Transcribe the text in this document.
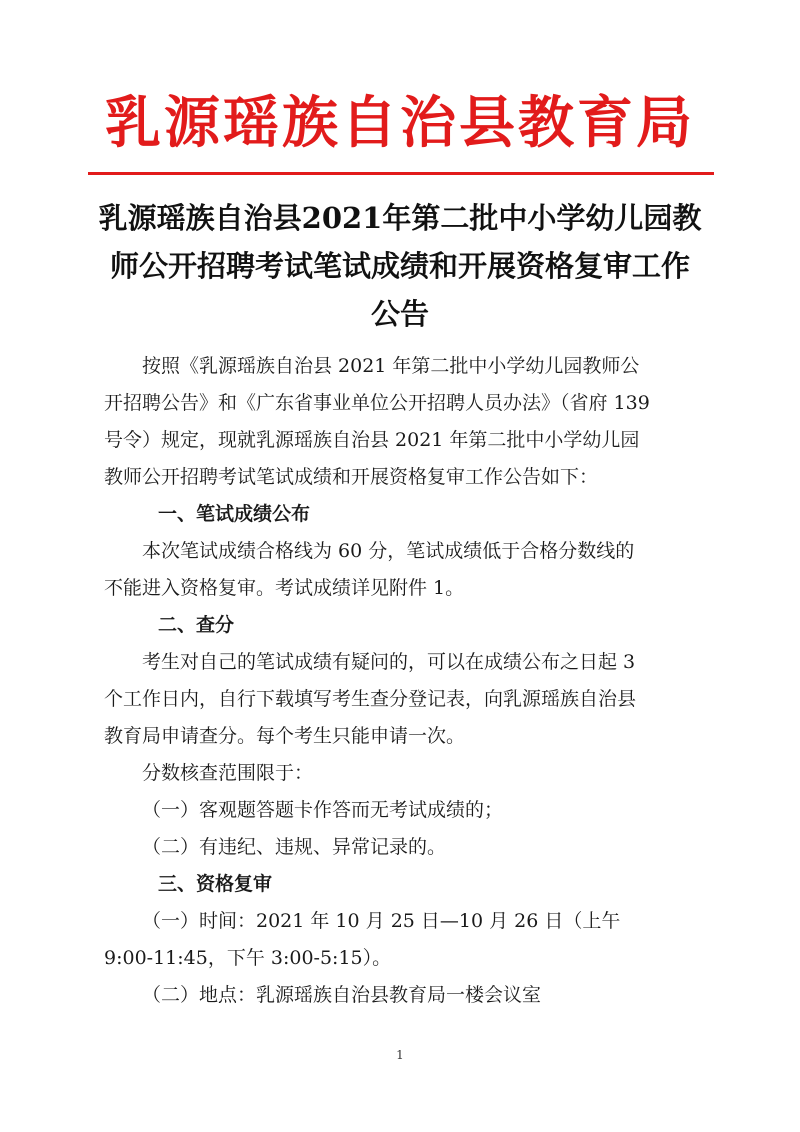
乳源瑶族自治县教育局
乳源瑶族自治县2021年第二批中小学幼儿园教
师公开招聘考试笔试成绩和开展资格复审工作
公告

按照《乳源瑶族自治县 2021 年第二批中小学幼儿园教师公

开招聘公告》和《广东省事业单位公开招聘人员办法》（省府 139

号令）规定，现就乳源瑶族自治县 2021 年第二批中小学幼儿园

教师公开招聘考试笔试成绩和开展资格复审工作公告如下：

一、笔试成绩公布

本次笔试成绩合格线为 60 分，笔试成绩低于合格分数线的

不能进入资格复审。考试成绩详见附件 1。

二、查分

考生对自己的笔试成绩有疑问的，可以在成绩公布之日起 3

个工作日内，自行下载填写考生查分登记表，向乳源瑶族自治县

教育局申请查分。每个考生只能申请一次。

分数核查范围限于：

（一）客观题答题卡作答而无考试成绩的；

（二）有违纪、违规、异常记录的。

三、资格复审

（一）时间：2021 年 10 月 25 日—10 月 26 日（上午

9:00-11:45，下午 3:00-5:15）。

（二）地点：乳源瑶族自治县教育局一楼会议室

1
